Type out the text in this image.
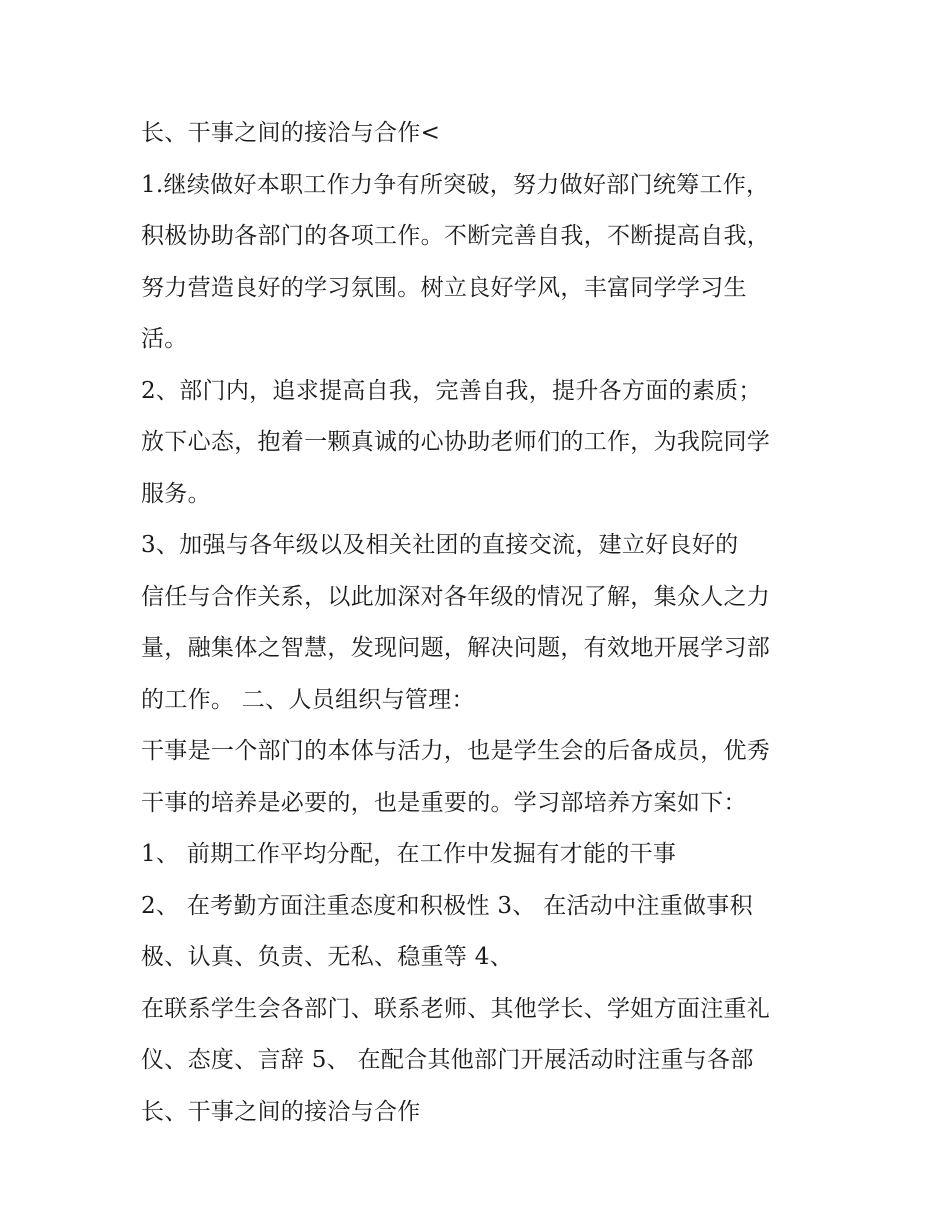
长、干事之间的接洽与合作<
1.继续做好本职工作力争有所突破，努力做好部门统筹工作，
积极协助各部门的各项工作。不断完善自我，不断提高自我，
努力营造良好的学习氛围。树立良好学风，丰富同学学习生
活。
2、部门内，追求提高自我，完善自我，提升各方面的素质；
放下心态，抱着一颗真诚的心协助老师们的工作，为我院同学
服务。
3、加强与各年级以及相关社团的直接交流，建立好良好的
信任与合作关系，以此加深对各年级的情况了解，集众人之力
量，融集体之智慧，发现问题，解决问题，有效地开展学习部
的工作。 二、人员组织与管理：
干事是一个部门的本体与活力，也是学生会的后备成员，优秀
干事的培养是必要的，也是重要的。学习部培养方案如下：
1、 前期工作平均分配，在工作中发掘有才能的干事
2、 在考勤方面注重态度和积极性 3、 在活动中注重做事积
极、认真、负责、无私、稳重等 4、
在联系学生会各部门、联系老师、其他学长、学姐方面注重礼
仪、态度、言辞 5、 在配合其他部门开展活动时注重与各部
长、干事之间的接洽与合作
